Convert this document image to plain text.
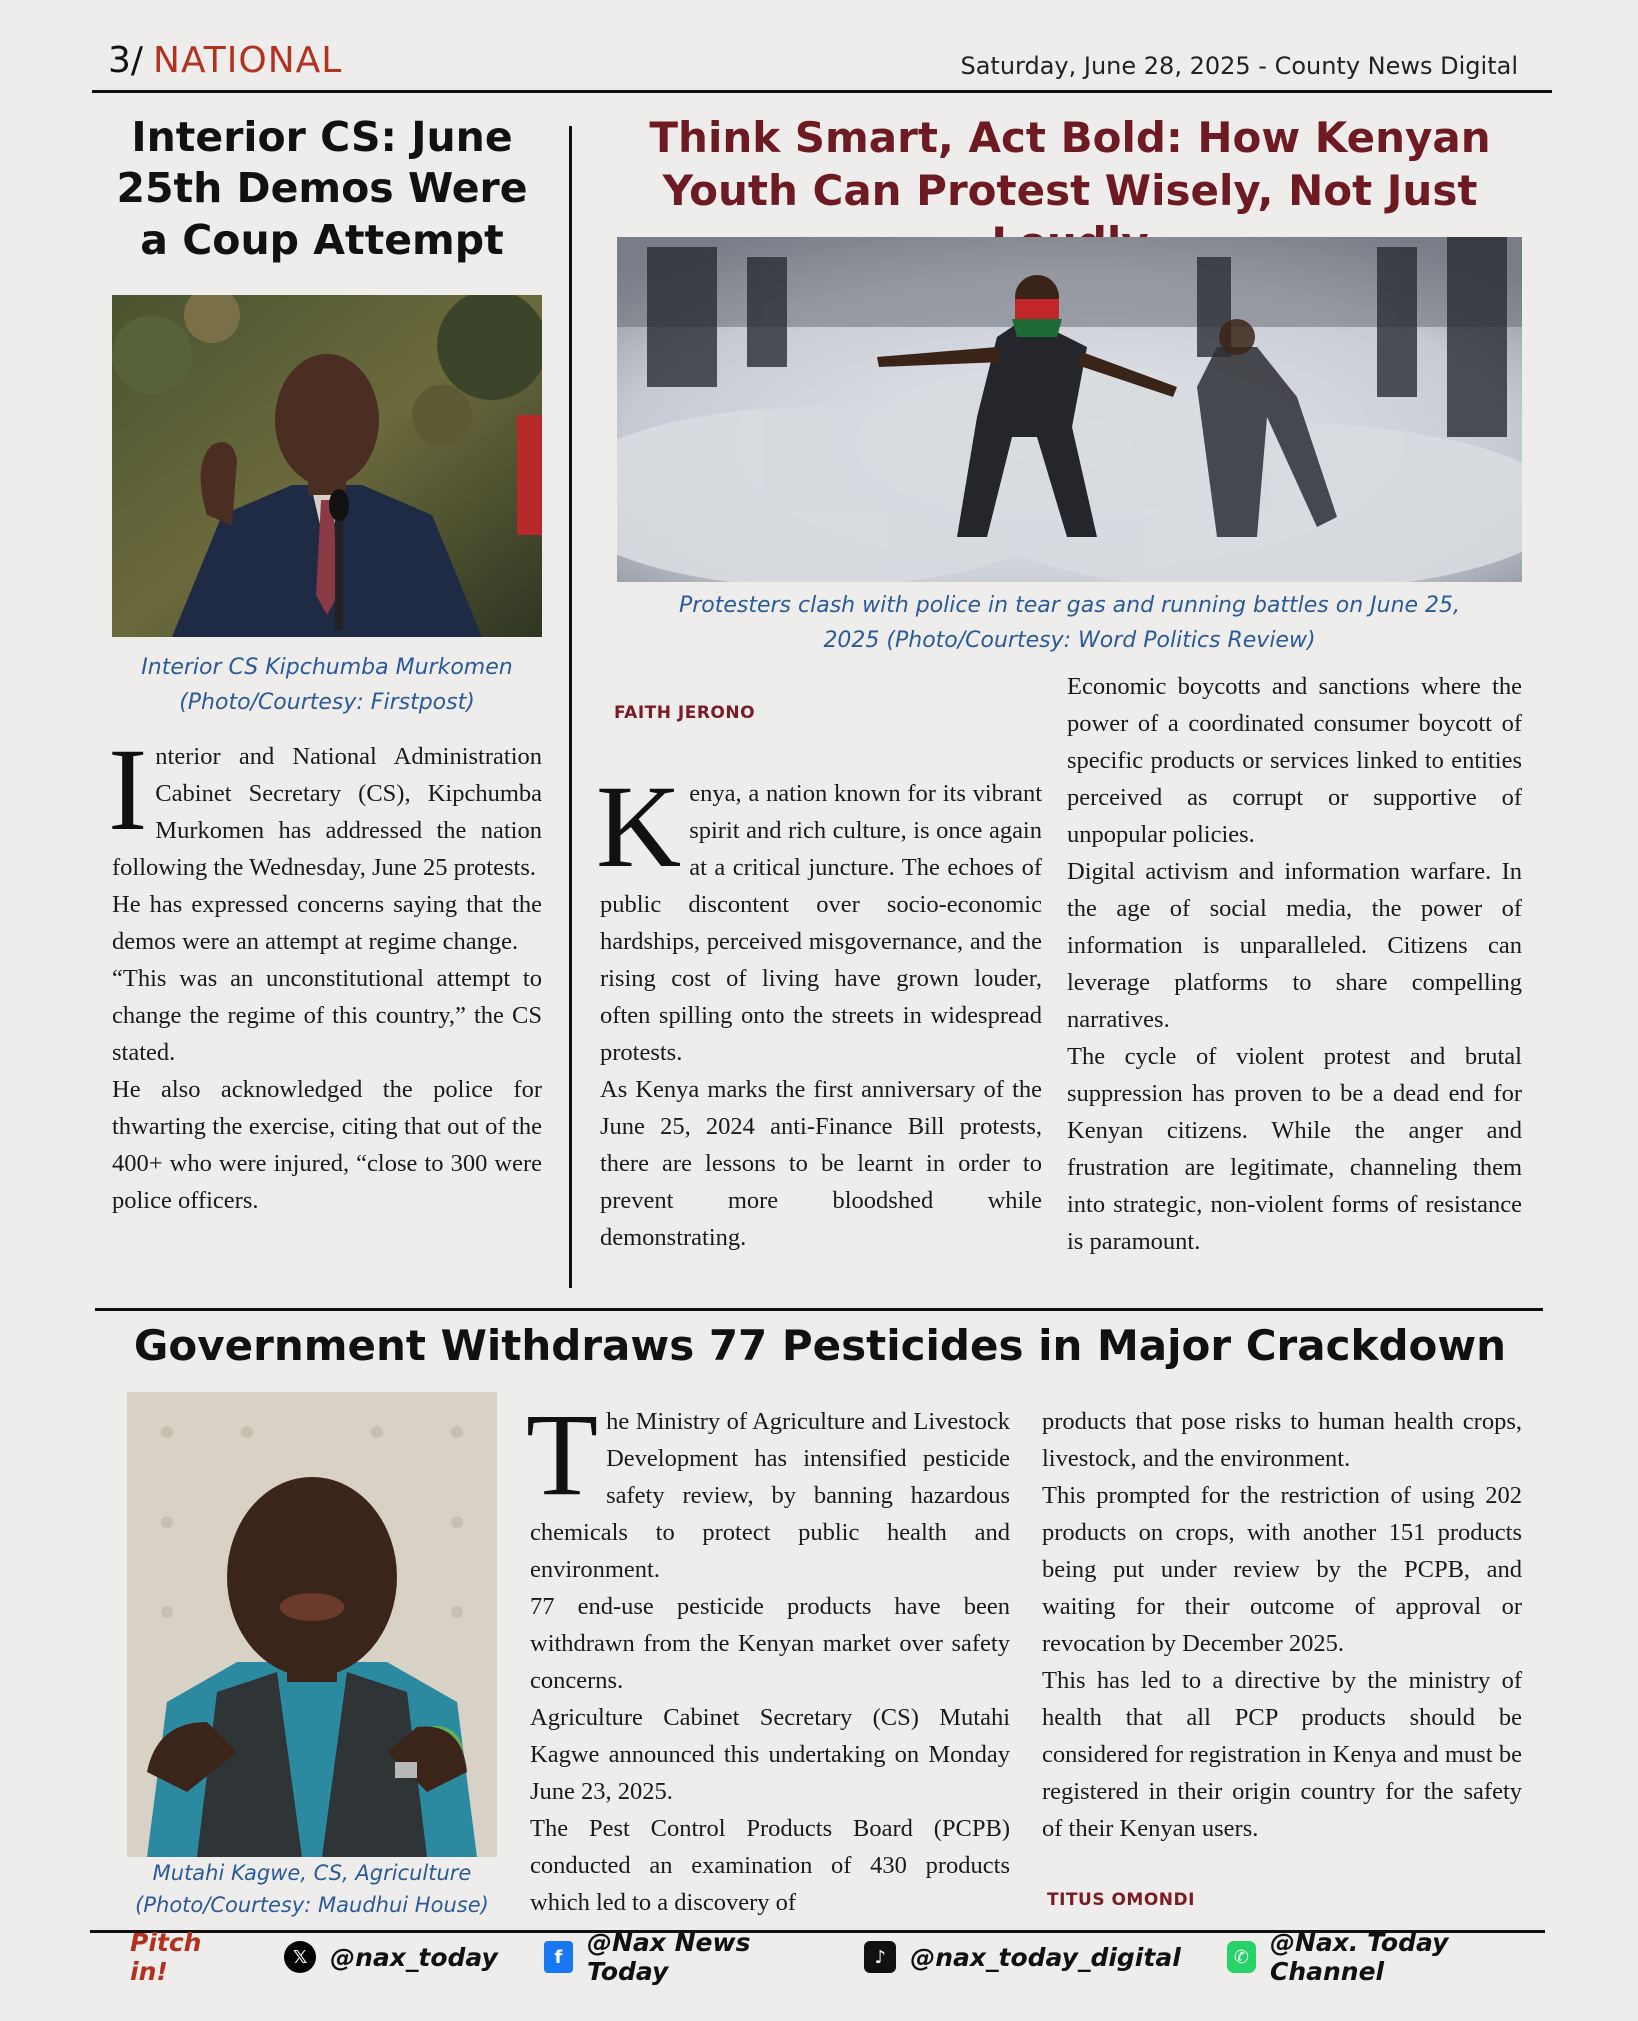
3/ NATIONAL	Saturday, June 28, 2025 - County News Digital
Interior CS: June 25th Demos Were a Coup Attempt
Interior CS Kipchumba Murkomen
(Photo/Courtesy: Firstpost)
I nterior and National Administration Cabinet Secretary (CS), Kipchumba Murkomen has addressed the nation following the Wednesday, June 25 protests.

He has expressed concerns saying that the demos were an attempt at regime change.

“This was an unconstitutional attempt to change the regime of this country,” the CS stated.

He also acknowledged the police for thwarting the exercise, citing that out of the 400+ who were injured, “close to 300 were police officers.

Think Smart, Act Bold: How Kenyan Youth Can Protest Wisely, Not Just
Protesters clash with police in tear gas and running battles on June 25,
2025 (Photo/Courtesy: Word Politics Review)
FAITH JERONO
K enya, a nation known for its vibrant spirit and rich culture, is once again at a critical juncture. The echoes of public discontent over socio-economic hardships, perceived misgovernance, and the rising cost of living have grown louder, often spilling onto the streets in widespread protests.

As Kenya marks the first anniversary of the June 25, 2024 anti-Finance Bill protests, there are lessons to be learnt in order to prevent more bloodshed while demonstrating.

Economic boycotts and sanctions where the power of a coordinated consumer boycott of specific products or services linked to entities perceived as corrupt or supportive of unpopular policies.

Digital activism and information warfare. In the age of social media, the power of information is unparalleled. Citizens can leverage platforms to share compelling narratives.

The cycle of violent protest and brutal suppression has proven to be a dead end for Kenyan citizens. While the anger and frustration are legitimate, channeling them into strategic, non-violent forms of resistance is paramount.

Government Withdraws 77 Pesticides in Major Crackdown
Mutahi Kagwe, CS, Agriculture
(Photo/Courtesy: Maudhui House)
T he Ministry of Agriculture and Livestock Development has intensified pesticide safety review, by banning hazardous chemicals to protect public health and environment.

77 end-use pesticide products have been withdrawn from the Kenyan market over safety concerns.

Agriculture Cabinet Secretary (CS) Mutahi Kagwe announced this undertaking on Monday June 23, 2025.

The Pest Control Products Board (PCPB) conducted an examination of 430 products which led to a discovery of

products that pose risks to human health crops, livestock, and the environment.

This prompted for the restriction of using 202 products on crops, with another 151 products being put under review by the PCPB, and waiting for their outcome of approval or revocation by December 2025.

This has led to a directive by the ministry of health that all PCP products should be considered for registration in Kenya and must be registered in their origin country for the safety of their Kenyan users.

TITUS OMONDI
Pitch in!	𝕏 @nax_today	f @Nax News Today	♪ @nax_today_digital	✆ @Nax. Today Channel
